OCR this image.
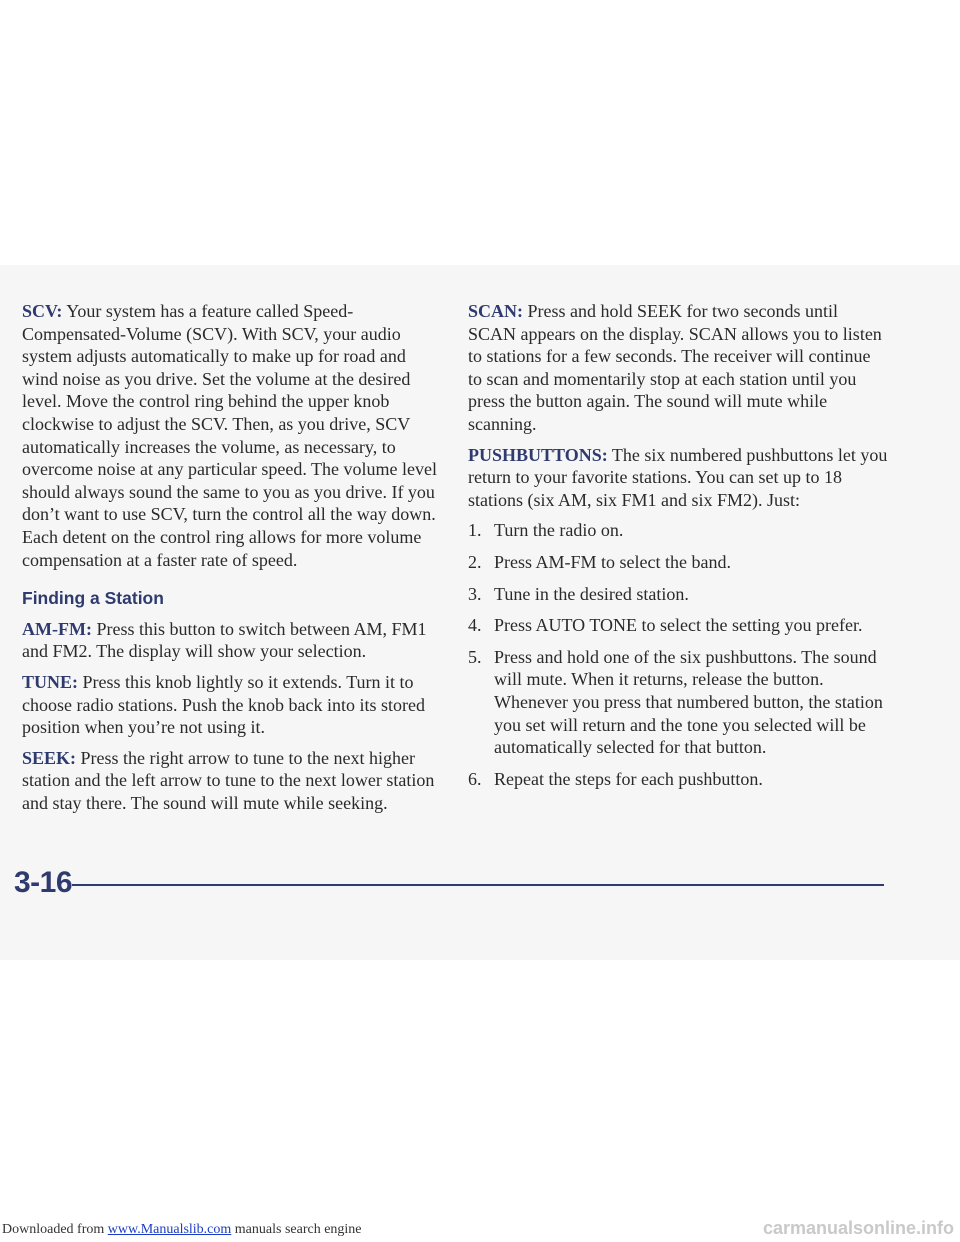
SCV: Your system has a feature called Speed-Compensated-Volume (SCV). With SCV, your audio system adjusts automatically to make up for road and wind noise as you drive. Set the volume at the desired level. Move the control ring behind the upper knob clockwise to adjust the SCV. Then, as you drive, SCV automatically increases the volume, as necessary, to overcome noise at any particular speed. The volume level should always sound the same to you as you drive. If you don’t want to use SCV, turn the control all the way down. Each detent on the control ring allows for more volume compensation at a faster rate of speed.

Finding a Station

AM-FM: Press this button to switch between AM, FM1 and FM2. The display will show your selection.

TUNE: Press this knob lightly so it extends. Turn it to choose radio stations. Push the knob back into its stored position when you’re not using it.

SEEK: Press the right arrow to tune to the next higher station and the left arrow to tune to the next lower station and stay there. The sound will mute while seeking.

SCAN: Press and hold SEEK for two seconds until SCAN appears on the display. SCAN allows you to listen to stations for a few seconds. The receiver will continue to scan and momentarily stop at each station until you press the button again. The sound will mute while scanning.

PUSHBUTTONS: The six numbered pushbuttons let you return to your favorite stations. You can set up to 18 stations (six AM, six FM1 and six FM2). Just:

1. Turn the radio on.
2. Press AM-FM to select the band.
3. Tune in the desired station.
4. Press AUTO TONE to select the setting you prefer.
5. Press and hold one of the six pushbuttons. The sound will mute. When it returns, release the button. Whenever you press that numbered button, the station you set will return and the tone you selected will be automatically selected for that button.
6. Repeat the steps for each pushbutton.
3-16
Downloaded from www.Manualslib.com manuals search engine	carmanualsonline.info
